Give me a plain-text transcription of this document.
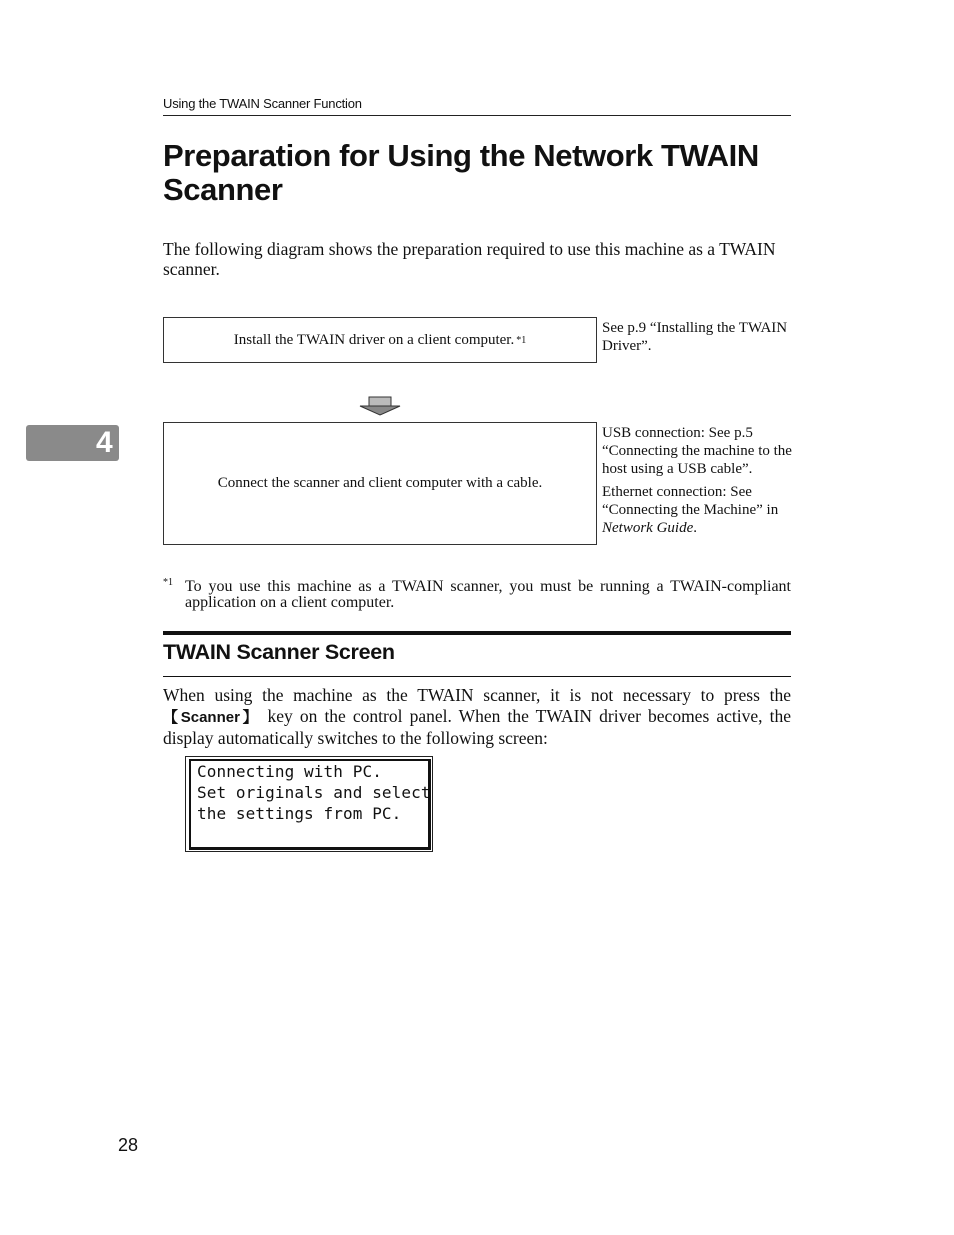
Using the TWAIN Scanner Function
Preparation for Using the Network TWAIN
Scanner
The following diagram shows the preparation required to use this machine as a TWAIN scanner.
Install the TWAIN driver on a client computer. *1
See p.9 “Installing the TWAIN Driver”.
Connect the scanner and client computer with a cable.
USB connection: See p.5 “Connecting the machine to the host using a USB cable”.
Ethernet connection: See “Connecting the Machine” in Network Guide.
4
*1 To you use this machine as a TWAIN scanner, you must be running a TWAIN-compliant application on a client computer.
TWAIN Scanner Screen
When using the machine as the TWAIN scanner, it is not necessary to press the 【Scanner】 key on the control panel. When the TWAIN driver becomes active, the display automatically switches to the following screen:
Connecting with PC.
Set originals and select
the settings from PC.
28
